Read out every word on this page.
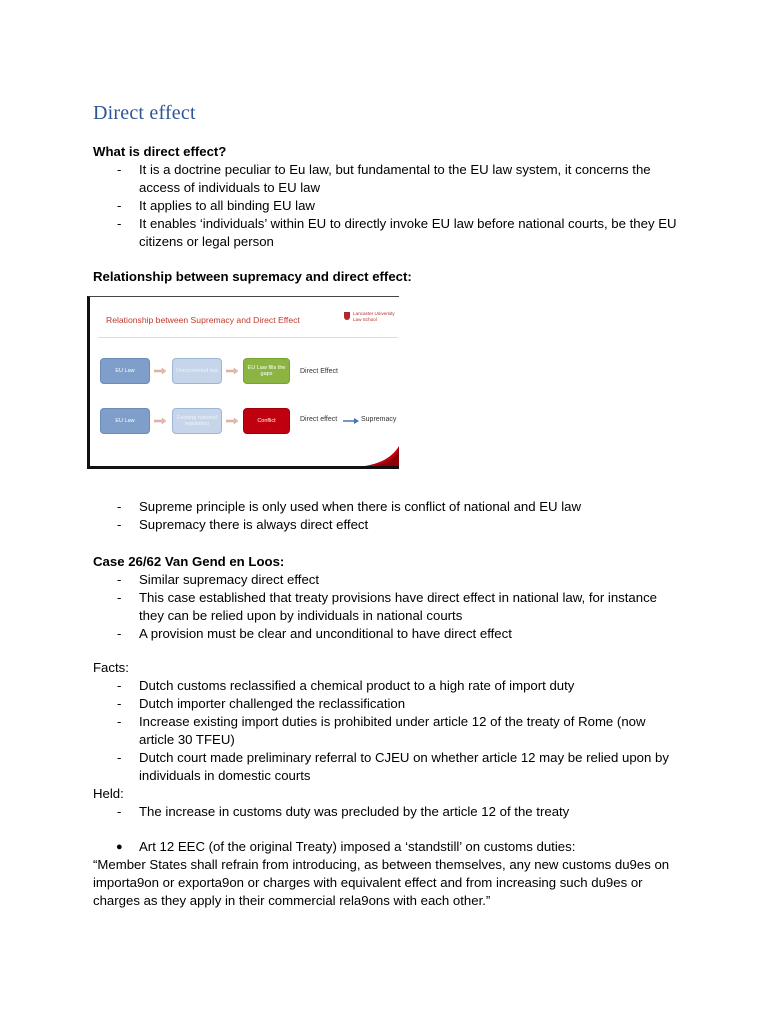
Direct effect
What is direct effect?
- It is a doctrine peculiar to Eu law, but fundamental to the EU law system, it concerns the access of individuals to EU law
- It applies to all binding EU law
- It enables ‘individuals’ within EU to directly invoke EU law before national courts, be they EU citizens or legal person
Relationship between supremacy and direct effect:
Relationship between Supremacy and Direct Effect
Lancaster University Law School
EU Law	Unconnected law
EU Law fills the gaps	Direct Effect
EU Law
Existing national legislation
Conflict	Direct effect	Supremacy
- Supreme principle is only used when there is conflict of national and EU law
- Supremacy there is always direct effect
Case 26/62 Van Gend en Loos:
- Similar supremacy direct effect
- This case established that treaty provisions have direct effect in national law, for instance they can be relied upon by individuals in national courts
- A provision must be clear and unconditional to have direct effect
Facts:
- Dutch customs reclassified a chemical product to a high rate of import duty
- Dutch importer challenged the reclassification
- Increase existing import duties is prohibited under article 12 of the treaty of Rome (now article 30 TFEU)
- Dutch court made preliminary referral to CJEU on whether article 12 may be relied upon by individuals in domestic courts
Held:
- The increase in customs duty was precluded by the article 12 of the treaty
● Art 12 EEC (of the original Treaty) imposed a ‘standstill’ on customs duties:
“Member States shall refrain from introducing, as between themselves, any new customs du9es on importa9on or exporta9on or charges with equivalent effect and from increasing such du9es or charges as they apply in their commercial rela9ons with each other.”
